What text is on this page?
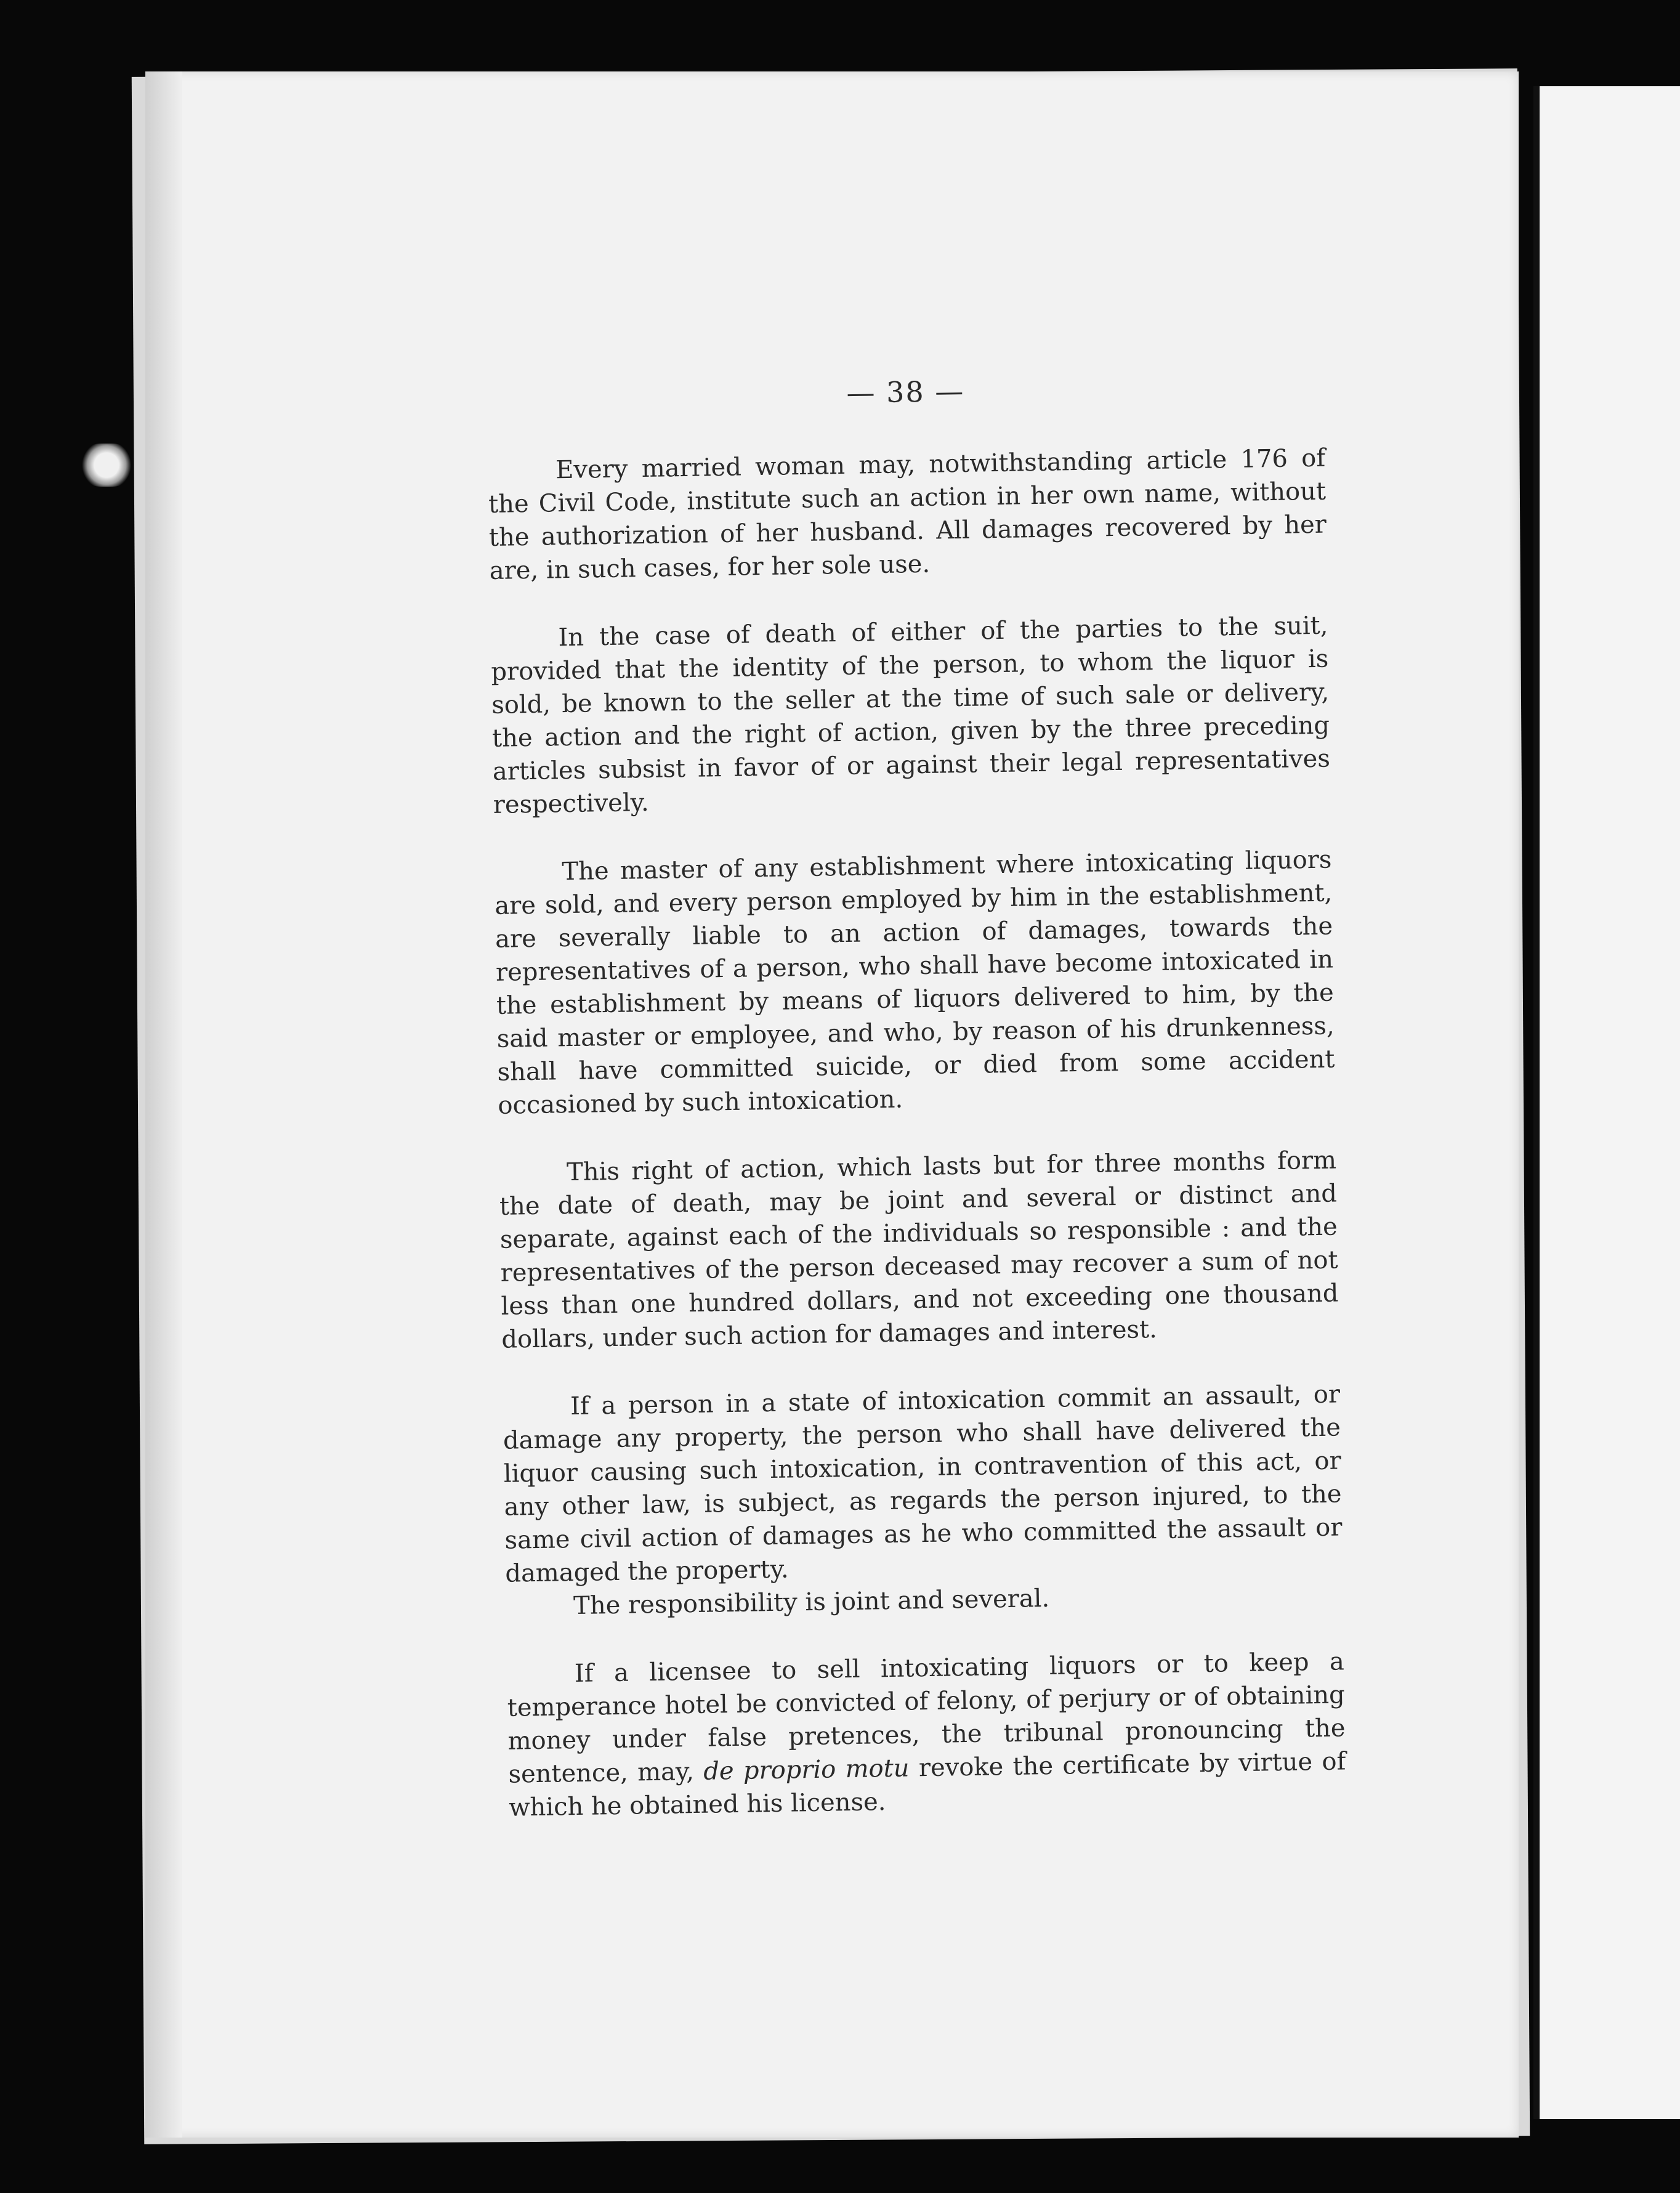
— 38 —

Every married woman may, notwithstanding article 176 of the Civil Code, institute such an action in her own name, without the authorization of her husband. All damages recovered by her are, in such cases, for her sole use.

In the case of death of either of the parties to the suit, provided that the identity of the person, to whom the liquor is sold, be known to the seller at the time of such sale or delivery, the action and the right of action, given by the three preceding articles subsist in favor of or against their legal representatives respectively.

The master of any establishment where intoxicating liquors are sold, and every person employed by him in the establishment, are severally liable to an action of damages, towards the representatives of a person, who shall have become intoxicated in the establishment by means of liquors delivered to him, by the said master or employee, and who, by reason of his drunkenness, shall have committed suicide, or died from some accident occasioned by such intoxication.

This right of action, which lasts but for three months form the date of death, may be joint and several or distinct and separate, against each of the individuals so responsible : and the representatives of the person deceased may recover a sum of not less than one hundred dollars, and not exceeding one thousand dollars, under such action for damages and interest.

If a person in a state of intoxication commit an assault, or damage any property, the person who shall have delivered the liquor causing such intoxication, in contravention of this act, or any other law, is subject, as regards the person injured, to the same civil action of damages as he who committed the assault or damaged the property.

The responsibility is joint and several.

If a licensee to sell intoxicating liquors or to keep a temperance hotel be convicted of felony, of perjury or of obtaining money under false pretences, the tribunal pronouncing the sentence, may, de proprio motu revoke the certificate by virtue of which he obtained his license.
